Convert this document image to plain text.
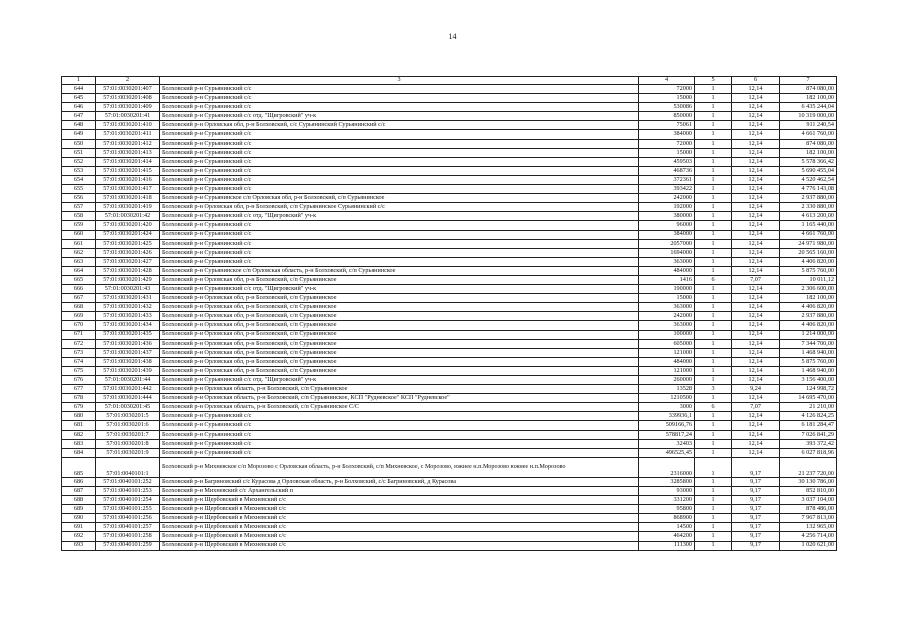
14
1	2	3	4	5	6	7
644	57:01:0030201:407	Болховский р-н Сурьянинский с/с	72000	1	12,14	874 080,00
645	57:01:0030201:408	Болховский р-н Сурьянинский с/с	15000	1	12,14	182 100,00
646	57:01:0030201:409	Болховский р-н Сурьянинский с/с	530086	1	12,14	6 435 244,04
647	57:01:0030201:41	Болховский р-н Сурьянинский с/с отд. "Щигровский" уч-к	850000	1	12,14	10 319 000,00
648	57:01:0030201:410	Болховский р-н Орловская обл, р-н Болховский, с/с Сурьянинский Сурьянинский с/с	75061	1	12,14	911 240,54
649	57:01:0030201:411	Болховский р-н Сурьянинский с/с	384000	1	12,14	4 661 760,00
650	57:01:0030201:412	Болховский р-н Сурьянинский с/с	72000	1	12,14	874 080,00
651	57:01:0030201:413	Болховский р-н Сурьянинский с/с	15000	1	12,14	182 100,00
652	57:01:0030201:414	Болховский р-н Сурьянинский с/с	459503	1	12,14	5 578 366,42
653	57:01:0030201:415	Болховский р-н Сурьянинский с/с	468736	1	12,14	5 690 455,04
654	57:01:0030201:416	Болховский р-н Сурьянинский с/с	372361	1	12,14	4 520 462,54
655	57:01:0030201:417	Болховский р-н Сурьянинский с/с	393422	1	12,14	4 776 143,08
656	57:01:0030201:418	Болховский р-н Сурьянинское с/п Орловская обл, р-н Болховский, с/п Сурьянинское	242000	1	12,14	2 937 880,00
657	57:01:0030201:419	Болховский р-н Орловская обл, р-н Болховский, с/п Сурьянинское Сурьянинский с/с	192000	1	12,14	2 330 880,00
658	57:01:0030201:42	Болховский р-н Сурьянинский с/с отд. "Щигровский" уч-к	380000	1	12,14	4 613 200,00
659	57:01:0030201:420	Болховский р-н Сурьянинский с/с	96000	1	12,14	1 165 440,00
660	57:01:0030201:424	Болховский р-н Сурьянинский с/с	384000	1	12,14	4 661 760,00
661	57:01:0030201:425	Болховский р-н Сурьянинский с/с	2057000	1	12,14	24 971 980,00
662	57:01:0030201:426	Болховский р-н Сурьянинский с/с	1694000	1	12,14	20 565 160,00
663	57:01:0030201:427	Болховский р-н Сурьянинский с/с	363000	1	12,14	4 406 820,00
664	57:01:0030201:428	Болховский р-н Сурьянинское с/п Орловская область, р-н Болховский, с/п Сурьянинское	484000	1	12,14	5 875 760,00
665	57:01:0030201:429	Болховский р-н Орловская обл, р-н Болховский, с/п Сурьянинское	1416	6	7,07	10 011,12
666	57:01:0030201:43	Болховский р-н Сурьянинский с/с отд. "Щигровский" уч-к	190000	1	12,14	2 306 600,00
667	57:01:0030201:431	Болховский р-н Орловская обл, р-н Болховский, с/п Сурьянинское	15000	1	12,14	182 100,00
668	57:01:0030201:432	Болховский р-н Орловская обл, р-н Болховский, с/п Сурьянинское	363000	1	12,14	4 406 820,00
669	57:01:0030201:433	Болховский р-н Орловская обл, р-н Болховский, с/п Сурьянинское	242000	1	12,14	2 937 880,00
670	57:01:0030201:434	Болховский р-н Орловская обл, р-н Болховский, с/п Сурьянинское	363000	1	12,14	4 406 820,00
671	57:01:0030201:435	Болховский р-н Орловская обл, р-н Болховский, с/п Сурьянинское	100000	1	12,14	1 214 000,00
672	57:01:0030201:436	Болховский р-н Орловская обл, р-н Болховский, с/п Сурьянинское	605000	1	12,14	7 344 700,00
673	57:01:0030201:437	Болховский р-н Орловская обл, р-н Болховский, с/п Сурьянинское	121000	1	12,14	1 468 940,00
674	57:01:0030201:438	Болховский р-н Орловская обл, р-н Болховский, с/п Сурьянинское	484000	1	12,14	5 875 760,00
675	57:01:0030201:439	Болховский р-н Орловская обл, р-н Болховский, с/п Сурьянинское	121000	1	12,14	1 468 940,00
676	57:01:0030201:44	Болховский р-н Сурьянинский с/с отд. "Щигровский" уч-к	260000	1	12,14	3 156 400,00
677	57:01:0030201:442	Болховский р-н Орловская область, р-н Болховский, с/п Сурьянинское	13528	3	9,24	124 998,72
678	57:01:0030201:444	Болховский р-н Орловская область, р-н Болховский, с/п Сурьянинское, КСП "Рудневское" КСП "Рудневское"	1210500	1	12,14	14 695 470,00
679	57:01:0030201:45	Болховский р-н Орловская область, р-н Болховский, с/п Сурьянинское С/С	3000	6	7,07	21 210,00
680	57:01:0030201:5	Болховский р-н Сурьянинский с/с	339936,1	1	12,14	4 126 824,25
681	57:01:0030201:6	Болховский р-н Сурьянинский с/с	509166,76	1	12,14	6 181 284,47
682	57:01:0030201:7	Болховский р-н Сурьянинский с/с	578817,24	1	12,14	7 026 841,29
683	57:01:0030201:8	Болховский р-н Сурьянинский с/с	32403	1	12,14	393 372,42
684	57:01:0030201:9	Болховский р-н Сурьянинский с/с	496525,45	1	12,14	6 027 818,96
685	57:01:0040101:1	Болховский р-н Михневское с/п Морозово с Орловская область, р-н Болховский, с/п Михневское, с Морозово, южнее н.п.Морозово южнее н.п.Морозово	2316000	1	9,17	21 237 720,00
686	57:01:0040101:252	Болховский р-н Багриновский с/с Курасова д Орловская область, р-н Болховский, с/с Багриновский, д Курасова	3285800	1	9,17	30 130 786,00
687	57:01:0040101:253	Болховский р-н Михневский с/с Архангельский п	93000	1	9,17	852 810,00
688	57:01:0040101:254	Болховский р-н Щербовский в Михневский с/с	331200	1	9,17	3 037 104,00
689	57:01:0040101:255	Болховский р-н Щербовский в Михневский с/с	95800	1	9,17	878 486,00
690	57:01:0040101:256	Болховский р-н Щербовский в Михневский с/с	868900	1	9,17	7 967 813,00
691	57:01:0040101:257	Болховский р-н Щербовский в Михневский с/с	14500	1	9,17	132 965,00
692	57:01:0040101:258	Болховский р-н Щербовский в Михневский с/с	464200	1	9,17	4 256 714,00
693	57:01:0040101:259	Болховский р-н Щербовский в Михневский с/с	111300	1	9,17	1 020 621,00
